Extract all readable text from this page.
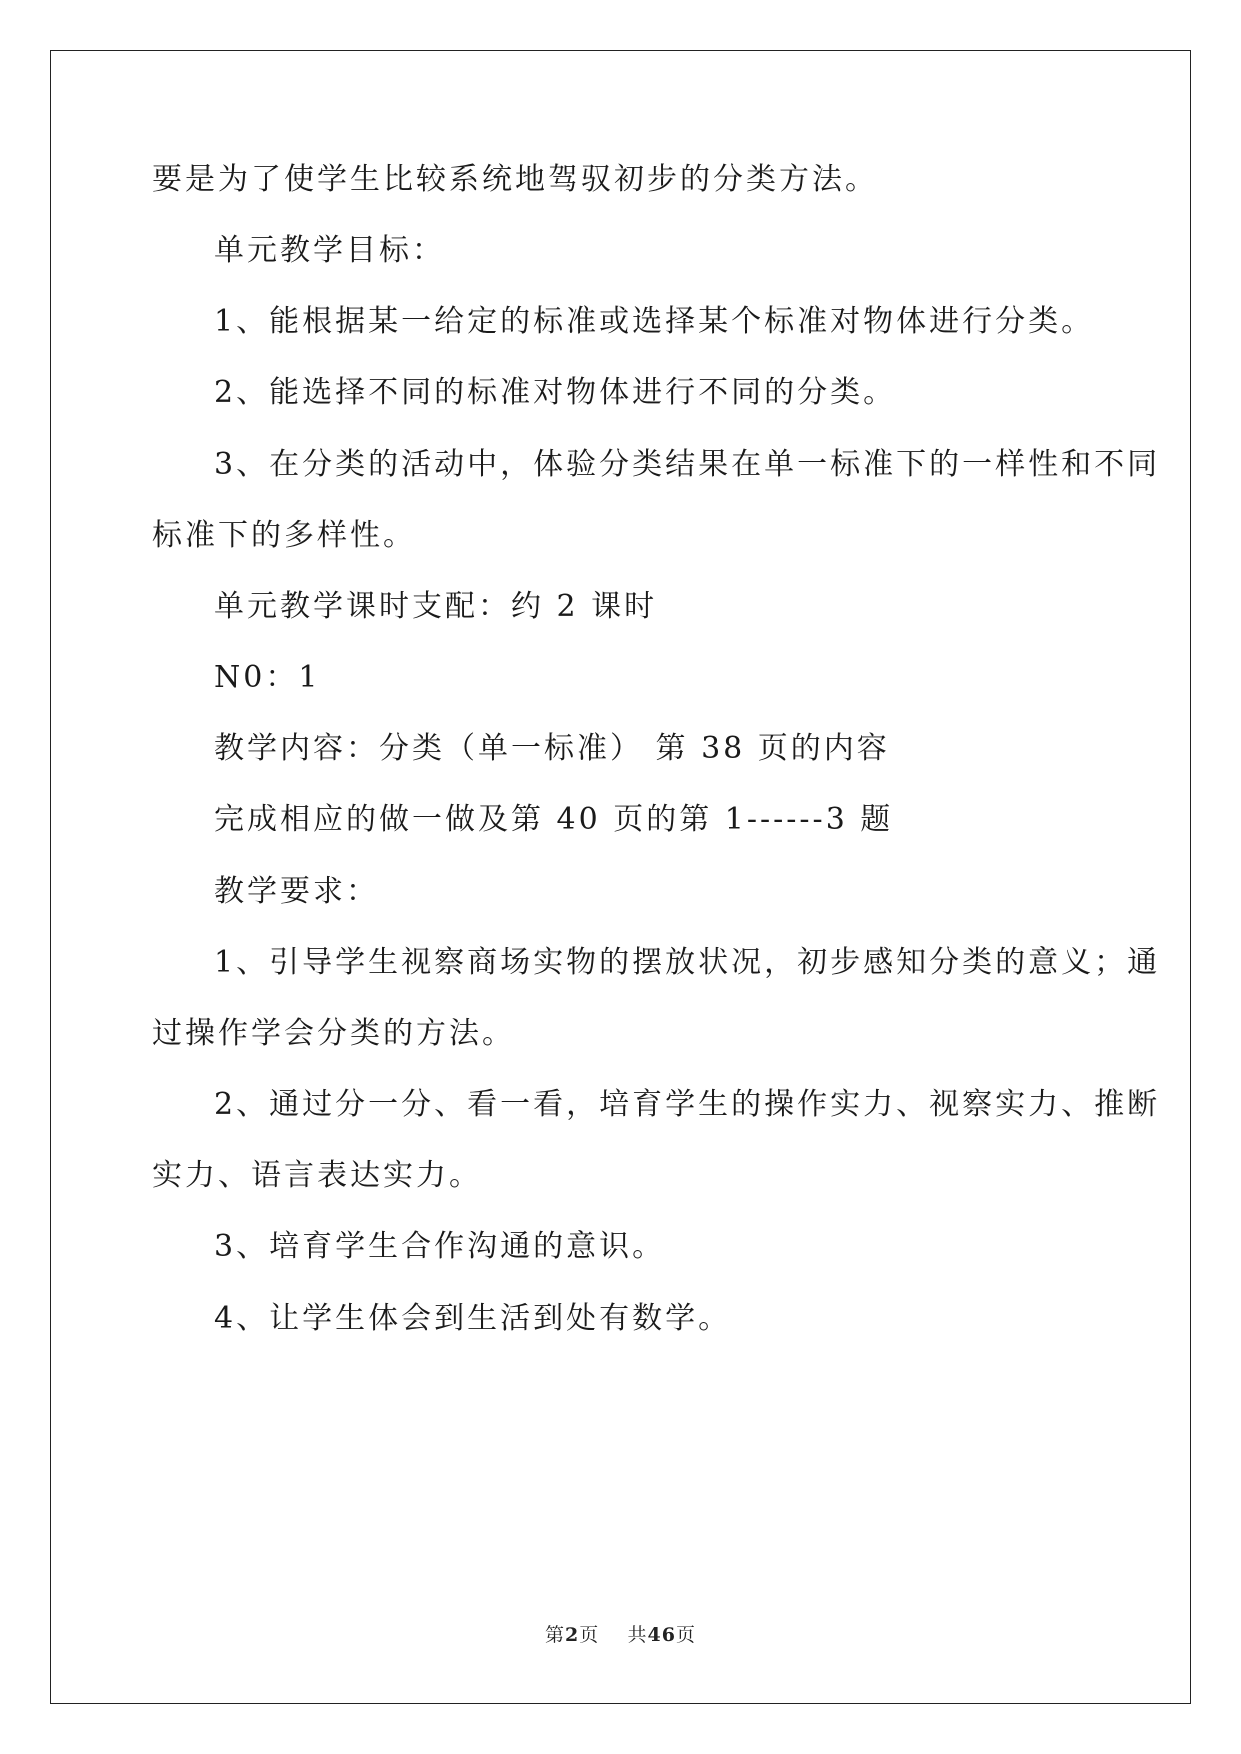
要是为了使学生比较系统地驾驭初步的分类方法。

单元教学目标：

1、能根据某一给定的标准或选择某个标准对物体进行分类。

2、能选择不同的标准对物体进行不同的分类。

3、在分类的活动中，体验分类结果在单一标准下的一样性和不同

标准下的多样性。

单元教学课时支配：约 2 课时

N0：1

教学内容：分类（单一标准） 第 38 页的内容

完成相应的做一做及第 40 页的第 1------3 题

教学要求：

1、引导学生视察商场实物的摆放状况，初步感知分类的意义；通

过操作学会分类的方法。

2、通过分一分、看一看，培育学生的操作实力、视察实力、推断

实力、语言表达实力。

3、培育学生合作沟通的意识。

4、让学生体会到生活到处有数学。

第2页 共46页
